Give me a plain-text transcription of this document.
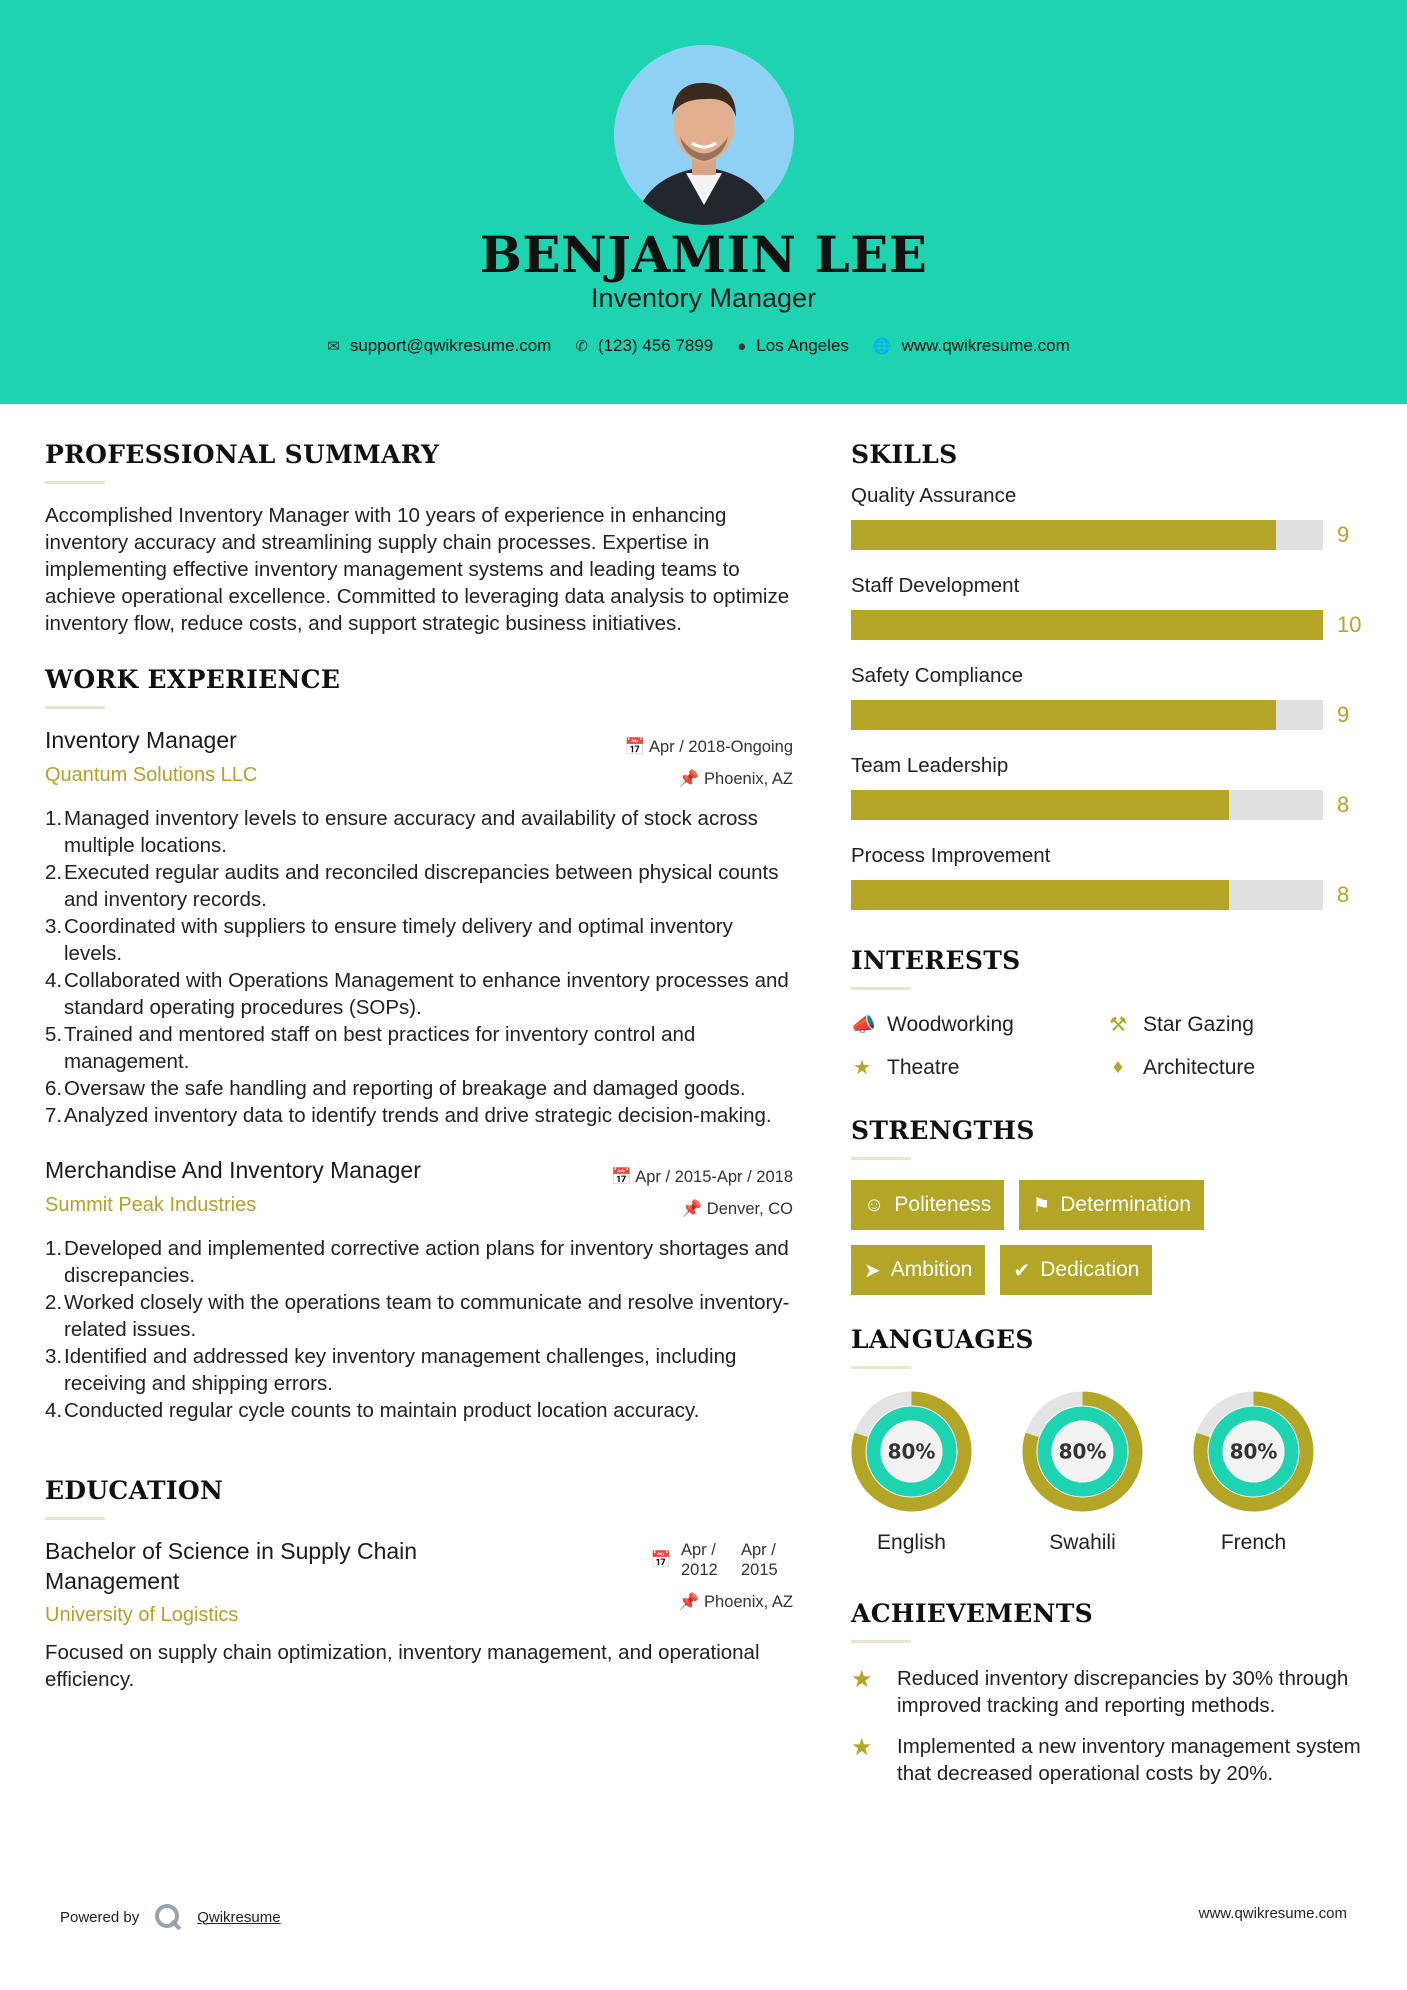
BENJAMIN LEE
Inventory Manager
✉ support@qwikresume.com ✆ (123) 456 7899 ● Los Angeles 🌐 www.qwikresume.com
PROFESSIONAL SUMMARY
Accomplished Inventory Manager with 10 years of experience in enhancing inventory accuracy and streamlining supply chain processes. Expertise in implementing effective inventory management systems and leading teams to achieve operational excellence. Committed to leveraging data analysis to optimize inventory flow, reduce costs, and support strategic business initiatives.
WORK EXPERIENCE
Inventory Manager
Quantum Solutions LLC
📅 Apr / 2018-Ongoing
📌 Phoenix, AZ
1. Managed inventory levels to ensure accuracy and availability of stock across multiple locations.
2. Executed regular audits and reconciled discrepancies between physical counts and inventory records.
3. Coordinated with suppliers to ensure timely delivery and optimal inventory levels.
4. Collaborated with Operations Management to enhance inventory processes and standard operating procedures (SOPs).
5. Trained and mentored staff on best practices for inventory control and management.
6. Oversaw the safe handling and reporting of breakage and damaged goods.
7. Analyzed inventory data to identify trends and drive strategic decision-making.
Merchandise And Inventory Manager
Summit Peak Industries
📅 Apr / 2015-Apr / 2018
📌 Denver, CO
1. Developed and implemented corrective action plans for inventory shortages and discrepancies.
2. Worked closely with the operations team to communicate and resolve inventory-related issues.
3. Identified and addressed key inventory management challenges, including receiving and shipping errors.
4. Conducted regular cycle counts to maintain product location accuracy.
EDUCATION
Bachelor of Science in Supply Chain Management
University of Logistics
📅
Apr / 2012
Apr / 2015
📌 Phoenix, AZ
Focused on supply chain optimization, inventory management, and operational efficiency.
SKILLS
Quality Assurance
9
Staff Development
10
Safety Compliance
9
Team Leadership
8
Process Improvement
8
INTERESTS
📣 Woodworking	⚒ Star Gazing
★ Theatre	♦ Architecture
STRENGTHS
☺ Politeness ⚑ Determination
➤ Ambition ✔ Dedication
LANGUAGES
80%
English
80%
Swahili
80%
French
ACHIEVEMENTS
★	Reduced inventory discrepancies by 30% through improved tracking and reporting methods.
★	Implemented a new inventory management system that decreased operational costs by 20%.
Powered by	Qwikresume	www.qwikresume.com
